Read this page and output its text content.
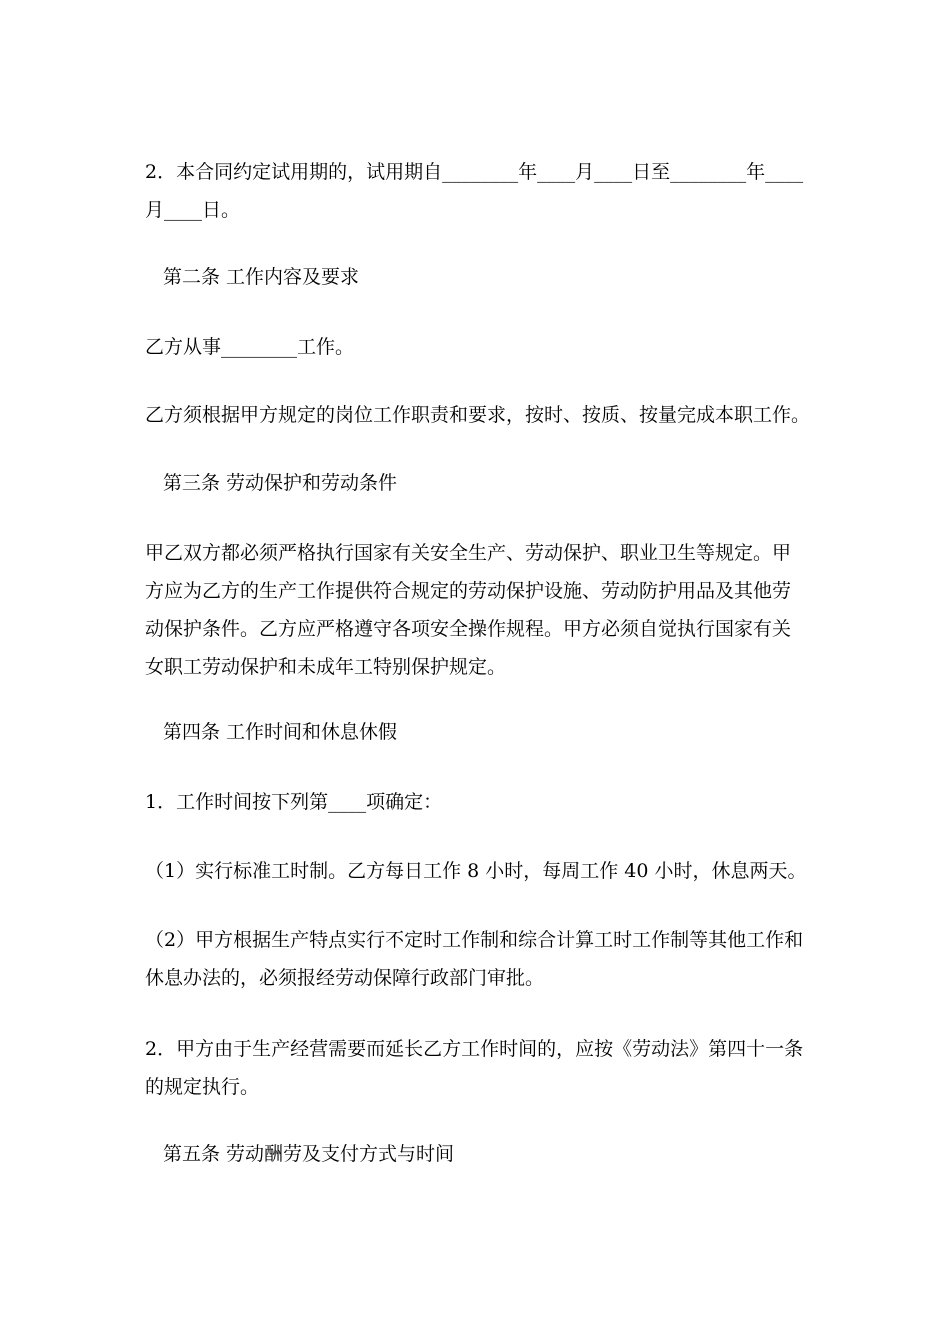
2．本合同约定试用期的，试用期自________年____月____日至________年____
月____日。

第二条 工作内容及要求

乙方从事________工作。

乙方须根据甲方规定的岗位工作职责和要求，按时、按质、按量完成本职工作。

第三条 劳动保护和劳动条件

甲乙双方都必须严格执行国家有关安全生产、劳动保护、职业卫生等规定。甲
方应为乙方的生产工作提供符合规定的劳动保护设施、劳动防护用品及其他劳
动保护条件。乙方应严格遵守各项安全操作规程。甲方必须自觉执行国家有关
女职工劳动保护和未成年工特别保护规定。

第四条 工作时间和休息休假

1．工作时间按下列第____项确定：

（1）实行标准工时制。乙方每日工作 8 小时，每周工作 40 小时，休息两天。

（2）甲方根据生产特点实行不定时工作制和综合计算工时工作制等其他工作和
休息办法的，必须报经劳动保障行政部门审批。

2．甲方由于生产经营需要而延长乙方工作时间的，应按《劳动法》第四十一条
的规定执行。

第五条 劳动酬劳及支付方式与时间
